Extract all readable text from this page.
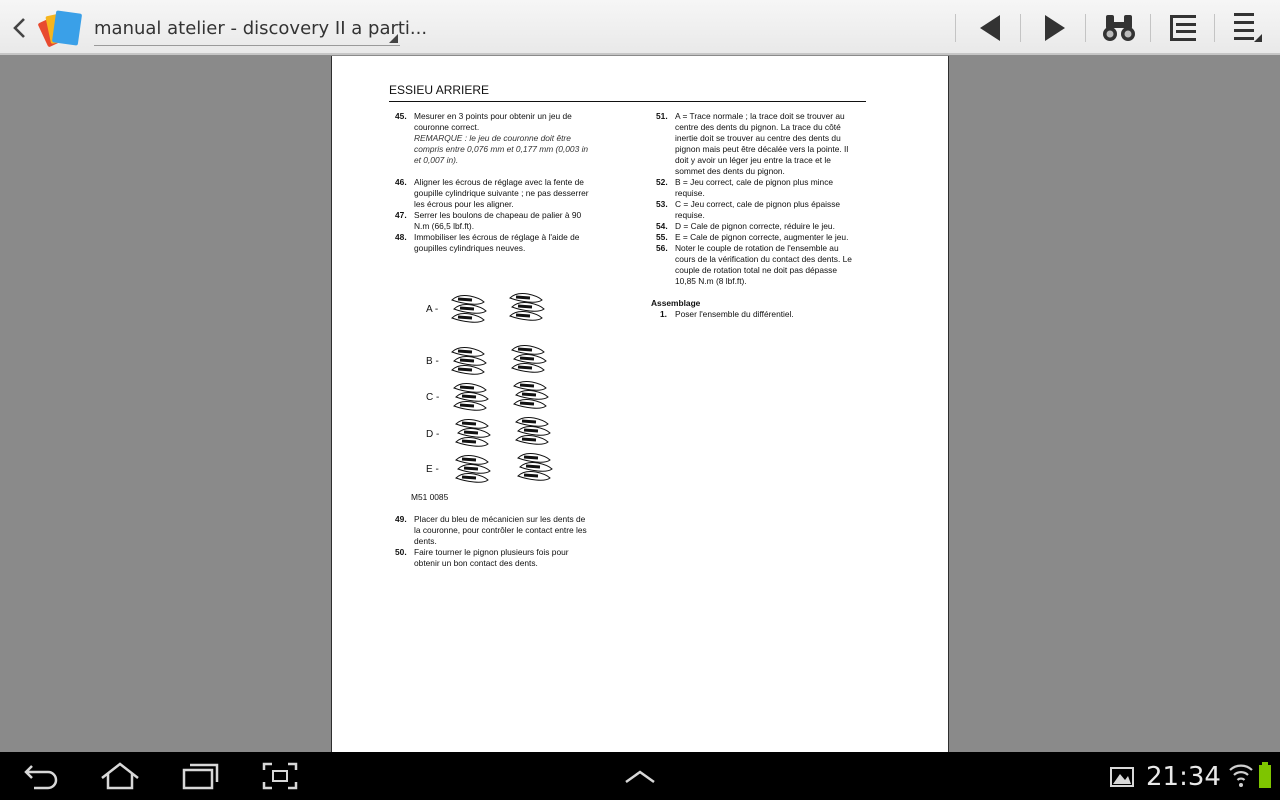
manual atelier - discovery II a parti...
ESSIEU ARRIERE
45. Mesurer en 3 points pour obtenir un jeu de
couronne correct.
REMARQUE : le jeu de couronne doit être
compris entre 0,076 mm et 0,177 mm (0,003 in
et 0,007 in).
46. Aligner les écrous de réglage avec la fente de
goupille cylindrique suivante ; ne pas desserrer
les écrous pour les aligner.
47. Serrer les boulons de chapeau de palier à 90
N.m (66,5 lbf.ft).
48. Immobiliser les écrous de réglage à l'aide de
goupilles cylindriques neuves.
A -
B -
C -
D -
E -
M51 0085
49. Placer du bleu de mécanicien sur les dents de
la couronne, pour contrôler le contact entre les
dents.
50. Faire tourner le pignon plusieurs fois pour
obtenir un bon contact des dents.
51. A = Trace normale ; la trace doit se trouver au
centre des dents du pignon. La trace du côté
inertie doit se trouver au centre des dents du
pignon mais peut être décalée vers la pointe. Il
doit y avoir un léger jeu entre la trace et le
sommet des dents du pignon.
52. B = Jeu correct, cale de pignon plus mince
requise.
53. C = Jeu correct, cale de pignon plus épaisse
requise.
54. D = Cale de pignon correcte, réduire le jeu.
55. E = Cale de pignon correcte, augmenter le jeu.
56. Noter le couple de rotation de l'ensemble au
cours de la vérification du contact des dents. Le
couple de rotation total ne doit pas dépasse
10,85 N.m (8 lbf.ft).
Assemblage
1. Poser l'ensemble du différentiel.
21:34
